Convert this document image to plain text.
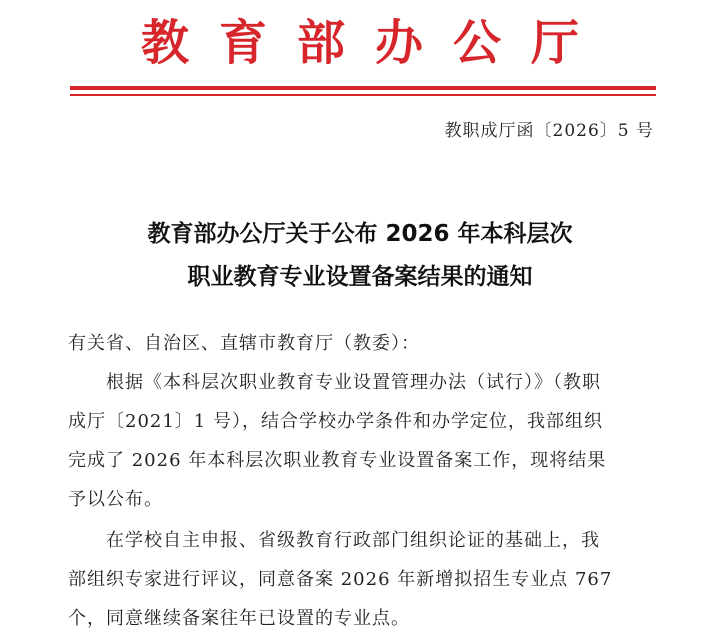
教育部办公厅
教职成厅函〔2026〕5 号
教育部办公厅关于公布 2026 年本科层次
职业教育专业设置备案结果的通知
有关省、自治区、直辖市教育厅（教委）：
　　根据《本科层次职业教育专业设置管理办法（试行）》（教职
成厅〔2021〕1 号），结合学校办学条件和办学定位，我部组织
完成了 2026 年本科层次职业教育专业设置备案工作，现将结果
予以公布。
　　在学校自主申报、省级教育行政部门组织论证的基础上，我
部组织专家进行评议，同意备案 2026 年新增拟招生专业点 767
个，同意继续备案往年已设置的专业点。
